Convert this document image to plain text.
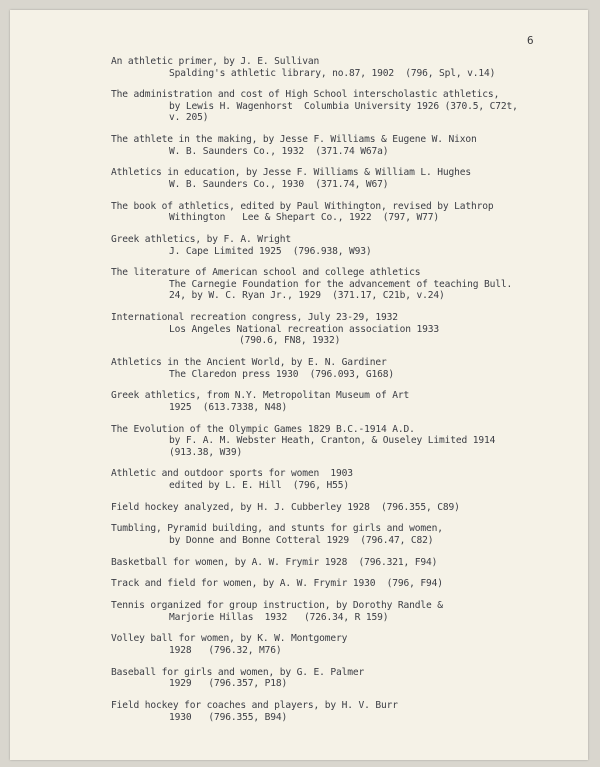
6
An athletic primer, by J. E. Sullivan
Spalding's athletic library, no.87, 1902  (796, Spl, v.14)
The administration and cost of High School interscholastic athletics,
by Lewis H. Wagenhorst  Columbia University 1926 (370.5, C72t,
v. 205)
The athlete in the making, by Jesse F. Williams & Eugene W. Nixon
W. B. Saunders Co., 1932  (371.74 W67a)
Athletics in education, by Jesse F. Williams & William L. Hughes
W. B. Saunders Co., 1930  (371.74, W67)
The book of athletics, edited by Paul Withington, revised by Lathrop
Withington   Lee & Shepart Co., 1922  (797, W77)
Greek athletics, by F. A. Wright
J. Cape Limited 1925  (796.938, W93)
The literature of American school and college athletics
The Carnegie Foundation for the advancement of teaching Bull.
24, by W. C. Ryan Jr., 1929  (371.17, C21b, v.24)
International recreation congress, July 23-29, 1932
Los Angeles National recreation association 1933
(790.6, FN8, 1932)
Athletics in the Ancient World, by E. N. Gardiner
The Claredon press 1930  (796.093, G168)
Greek athletics, from N.Y. Metropolitan Museum of Art
1925  (613.7338, N48)
The Evolution of the Olympic Games 1829 B.C.-1914 A.D.
by F. A. M. Webster Heath, Cranton, & Ouseley Limited 1914
(913.38, W39)
Athletic and outdoor sports for women  1903
edited by L. E. Hill  (796, H55)
Field hockey analyzed, by H. J. Cubberley 1928  (796.355, C89)
Tumbling, Pyramid building, and stunts for girls and women,
by Donne and Bonne Cotteral 1929  (796.47, C82)
Basketball for women, by A. W. Frymir 1928  (796.321, F94)
Track and field for women, by A. W. Frymir 1930  (796, F94)
Tennis organized for group instruction, by Dorothy Randle &
Marjorie Hillas  1932   (726.34, R 159)
Volley ball for women, by K. W. Montgomery
1928   (796.32, M76)
Baseball for girls and women, by G. E. Palmer
1929   (796.357, P18)
Field hockey for coaches and players, by H. V. Burr
1930   (796.355, B94)
